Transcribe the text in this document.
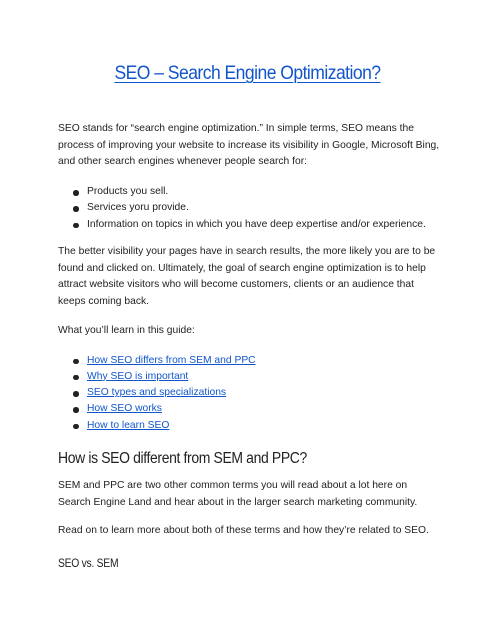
SEO – Search Engine Optimization?

SEO stands for “search engine optimization.” In simple terms, SEO means the process of improving your website to increase its visibility in Google, Microsoft Bing, and other search engines whenever people search for:

Products you sell.
Services yoru provide.
Information on topics in which you have deep expertise and/or experience.

The better visibility your pages have in search results, the more likely you are to be found and clicked on. Ultimately, the goal of search engine optimization is to help attract website visitors who will become customers, clients or an audience that keeps coming back.

What you’ll learn in this guide:

How SEO differs from SEM and PPC
Why SEO is important
SEO types and specializations
How SEO works
How to learn SEO
How is SEO different from SEM and PPC?

SEM and PPC are two other common terms you will read about a lot here on Search Engine Land and hear about in the larger search marketing community.

Read on to learn more about both of these terms and how they’re related to SEO.

SEO vs. SEM
